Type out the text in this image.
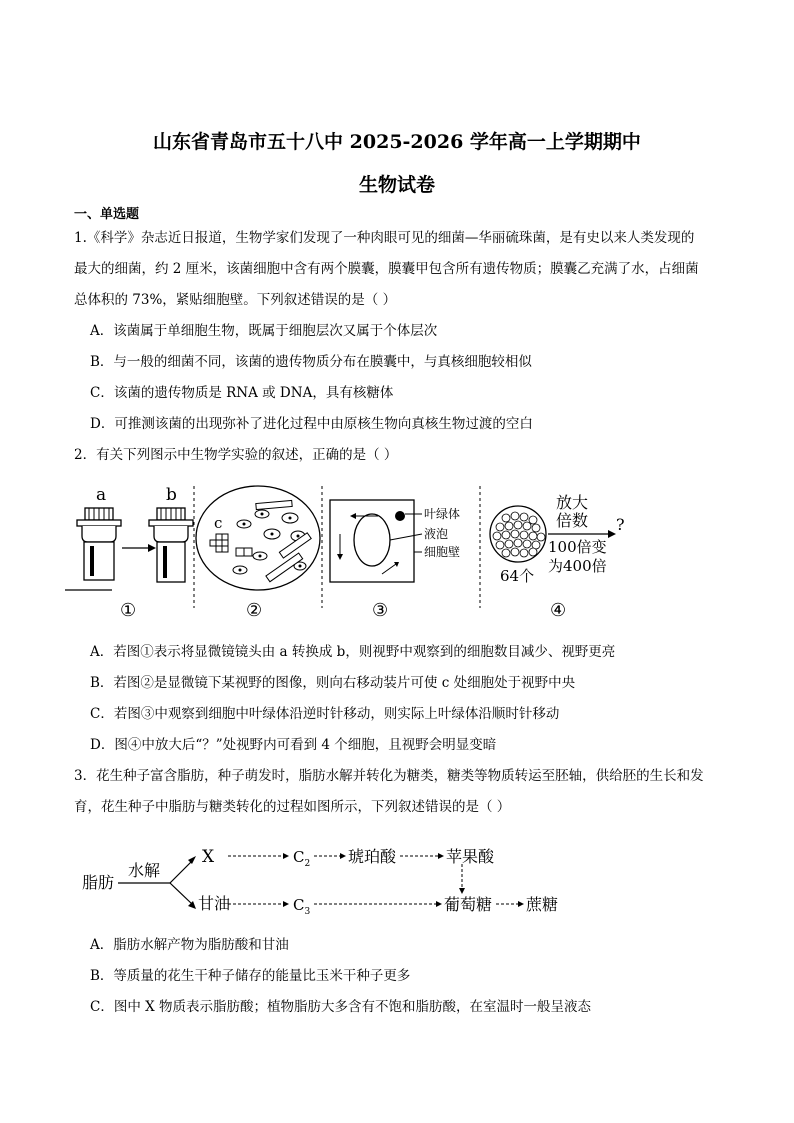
山东省青岛市五十八中 2025-2026 学年高一上学期期中
生物试卷
一、单选题
1.《科学》杂志近日报道，生物学家们发现了一种肉眼可见的细菌—华丽硫珠菌，是有史以来人类发现的
最大的细菌，约 2 厘米，该菌细胞中含有两个膜囊，膜囊甲包含所有遗传物质；膜囊乙充满了水，占细菌
总体积的 73%，紧贴细胞壁。下列叙述错误的是（ ）
A．该菌属于单细胞生物，既属于细胞层次又属于个体层次
B．与一般的细菌不同，该菌的遗传物质分布在膜囊中，与真核细胞较相似
C．该菌的遗传物质是 RNA 或 DNA，具有核糖体
D．可推测该菌的出现弥补了进化过程中由原核生物向真核生物过渡的空白
2．有关下列图示中生物学实验的叙述，正确的是（ ）
a	b
①
c
②
叶绿体
液泡
细胞壁
③
64个
放大
倍数 ?
100倍变
为400倍
④
A．若图①表示将显微镜镜头由 a 转换成 b，则视野中观察到的细胞数目减少、视野更亮
B．若图②是显微镜下某视野的图像，则向右移动装片可使 c 处细胞处于视野中央
C．若图③中观察到细胞中叶绿体沿逆时针移动，则实际上叶绿体沿顺时针移动
D．图④中放大后“？”处视野内可看到 4 个细胞，且视野会明显变暗
3．花生种子富含脂肪，种子萌发时，脂肪水解并转化为糖类，糖类等物质转运至胚轴，供给胚的生长和发
育，花生种子中脂肪与糖类转化的过程如图所示，下列叙述错误的是（ ）
脂肪
水解
X
甘油
$C_2$ 琥珀酸	苹果酸
$C_3$	葡萄糖 蔗糖
A．脂肪水解产物为脂肪酸和甘油
B．等质量的花生干种子储存的能量比玉米干种子更多
C．图中 X 物质表示脂肪酸；植物脂肪大多含有不饱和脂肪酸，在室温时一般呈液态
